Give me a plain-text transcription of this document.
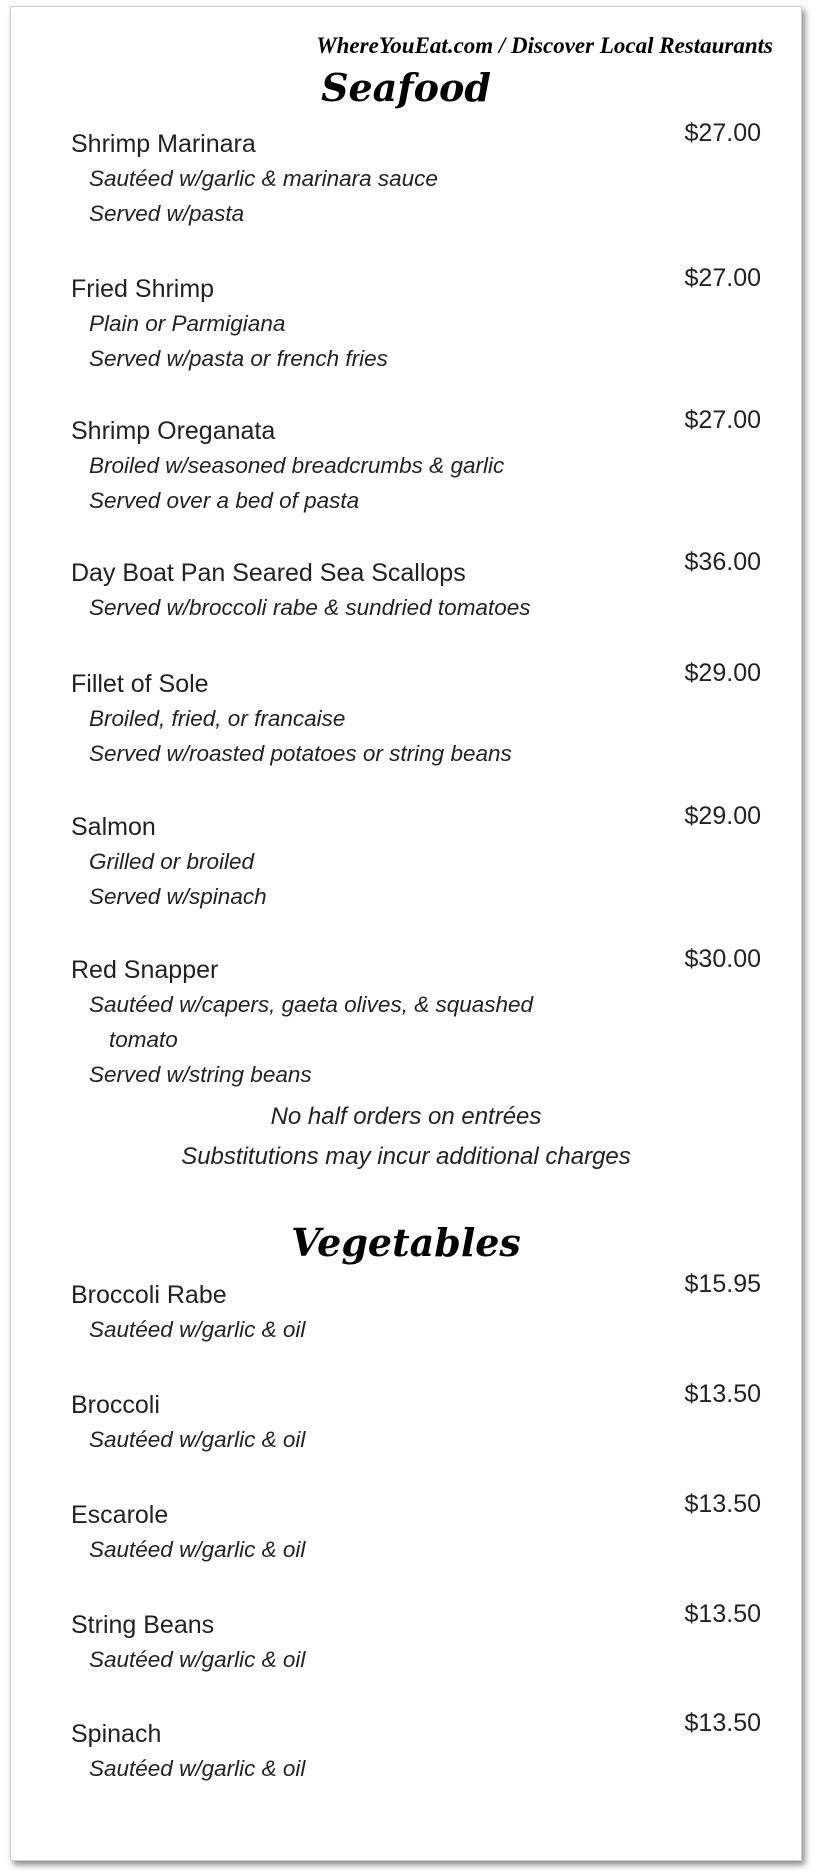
WhereYouEat.com / Discover Local Restaurants
Seafood
Shrimp Marinara	$27.00
Sautéed w/garlic & marinara sauce
Served w/pasta
Fried Shrimp	$27.00
Plain or Parmigiana
Served w/pasta or french fries
Shrimp Oreganata	$27.00
Broiled w/seasoned breadcrumbs & garlic
Served over a bed of pasta
Day Boat Pan Seared Sea Scallops	$36.00
Served w/broccoli rabe & sundried tomatoes
Fillet of Sole	$29.00
Broiled, fried, or francaise
Served w/roasted potatoes or string beans
Salmon	$29.00
Grilled or broiled
Served w/spinach
Red Snapper	$30.00
Sautéed w/capers, gaeta olives, & squashed
tomato
Served w/string beans
No half orders on entrées
Substitutions may incur additional charges
Vegetables
Broccoli Rabe	$15.95
Sautéed w/garlic & oil
Broccoli	$13.50
Sautéed w/garlic & oil
Escarole	$13.50
Sautéed w/garlic & oil
String Beans	$13.50
Sautéed w/garlic & oil
Spinach	$13.50
Sautéed w/garlic & oil
